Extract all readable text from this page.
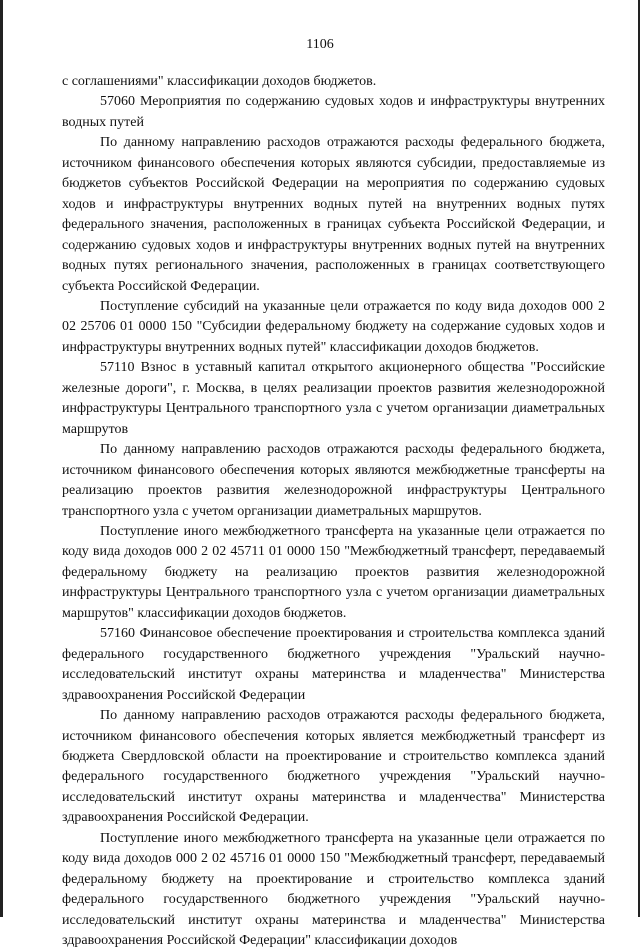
1106

с соглашениями" классификации доходов бюджетов.

57060 Мероприятия по содержанию судовых ходов и инфраструктуры внутренних водных путей

По данному направлению расходов отражаются расходы федерального бюджета, источником финансового обеспечения которых являются субсидии, предоставляемые из бюджетов субъектов Российской Федерации на мероприятия по содержанию судовых ходов и инфраструктуры внутренних водных путей на внутренних водных путях федерального значения, расположенных в границах субъекта Российской Федерации, и содержанию судовых ходов и инфраструктуры внутренних водных путей на внутренних водных путях регионального значения, расположенных в границах соответствующего субъекта Российской Федерации.

Поступление субсидий на указанные цели отражается по коду вида доходов 000 2 02 25706 01 0000 150 "Субсидии федеральному бюджету на содержание судовых ходов и инфраструктуры внутренних водных путей" классификации доходов бюджетов.

57110 Взнос в уставный капитал открытого акционерного общества "Российские железные дороги", г. Москва, в целях реализации проектов развития железнодорожной инфраструктуры Центрального транспортного узла с учетом организации диаметральных маршрутов

По данному направлению расходов отражаются расходы федерального бюджета, источником финансового обеспечения которых являются межбюджетные трансферты на реализацию проектов развития железнодорожной инфраструктуры Центрального транспортного узла с учетом организации диаметральных маршрутов.

Поступление иного межбюджетного трансферта на указанные цели отражается по коду вида доходов 000 2 02 45711 01 0000 150 "Межбюджетный трансферт, передаваемый федеральному бюджету на реализацию проектов развития железнодорожной инфраструктуры Центрального транспортного узла с учетом организации диаметральных маршрутов" классификации доходов бюджетов.

57160 Финансовое обеспечение проектирования и строительства комплекса зданий федерального государственного бюджетного учреждения "Уральский научно-исследовательский институт охраны материнства и младенчества" Министерства здравоохранения Российской Федерации

По данному направлению расходов отражаются расходы федерального бюджета, источником финансового обеспечения которых является межбюджетный трансферт из бюджета Свердловской области на проектирование и строительство комплекса зданий федерального государственного бюджетного учреждения "Уральский научно-исследовательский институт охраны материнства и младенчества" Министерства здравоохранения Российской Федерации.

Поступление иного межбюджетного трансферта на указанные цели отражается по коду вида доходов 000 2 02 45716 01 0000 150 "Межбюджетный трансферт, передаваемый федеральному бюджету на проектирование и строительство комплекса зданий федерального государственного бюджетного учреждения "Уральский научно-исследовательский институт охраны материнства и младенчества" Министерства здравоохранения Российской Федерации" классификации доходов
